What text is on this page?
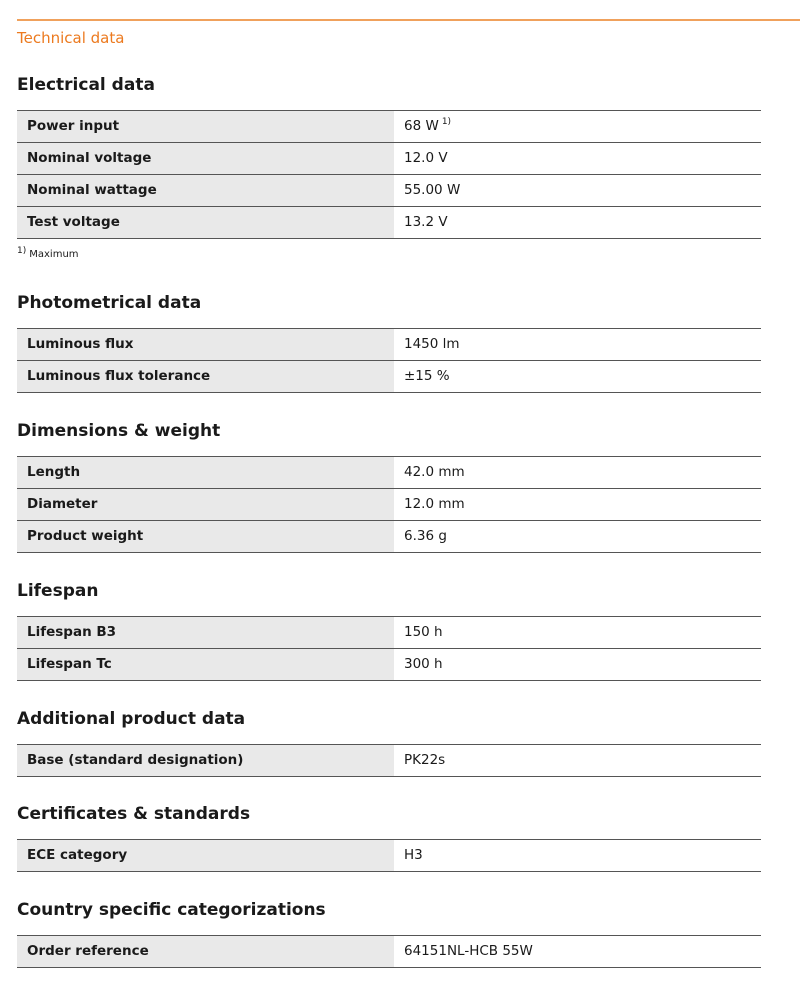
Technical data
Electrical data
Power input	68 W $^{1)}$
Nominal voltage	12.0 V
Nominal wattage	55.00 W
Test voltage	13.2 V
1) Maximum
Photometrical data
Luminous flux	1450 lm
Luminous flux tolerance	±15 %
Dimensions & weight
Length	42.0 mm
Diameter	12.0 mm
Product weight	6.36 g
Lifespan
Lifespan B3	150 h
Lifespan Tc	300 h
Additional product data
Base (standard designation)	PK22s
Certificates & standards
ECE category	H3
Country specific categorizations
Order reference	64151NL-HCB 55W
